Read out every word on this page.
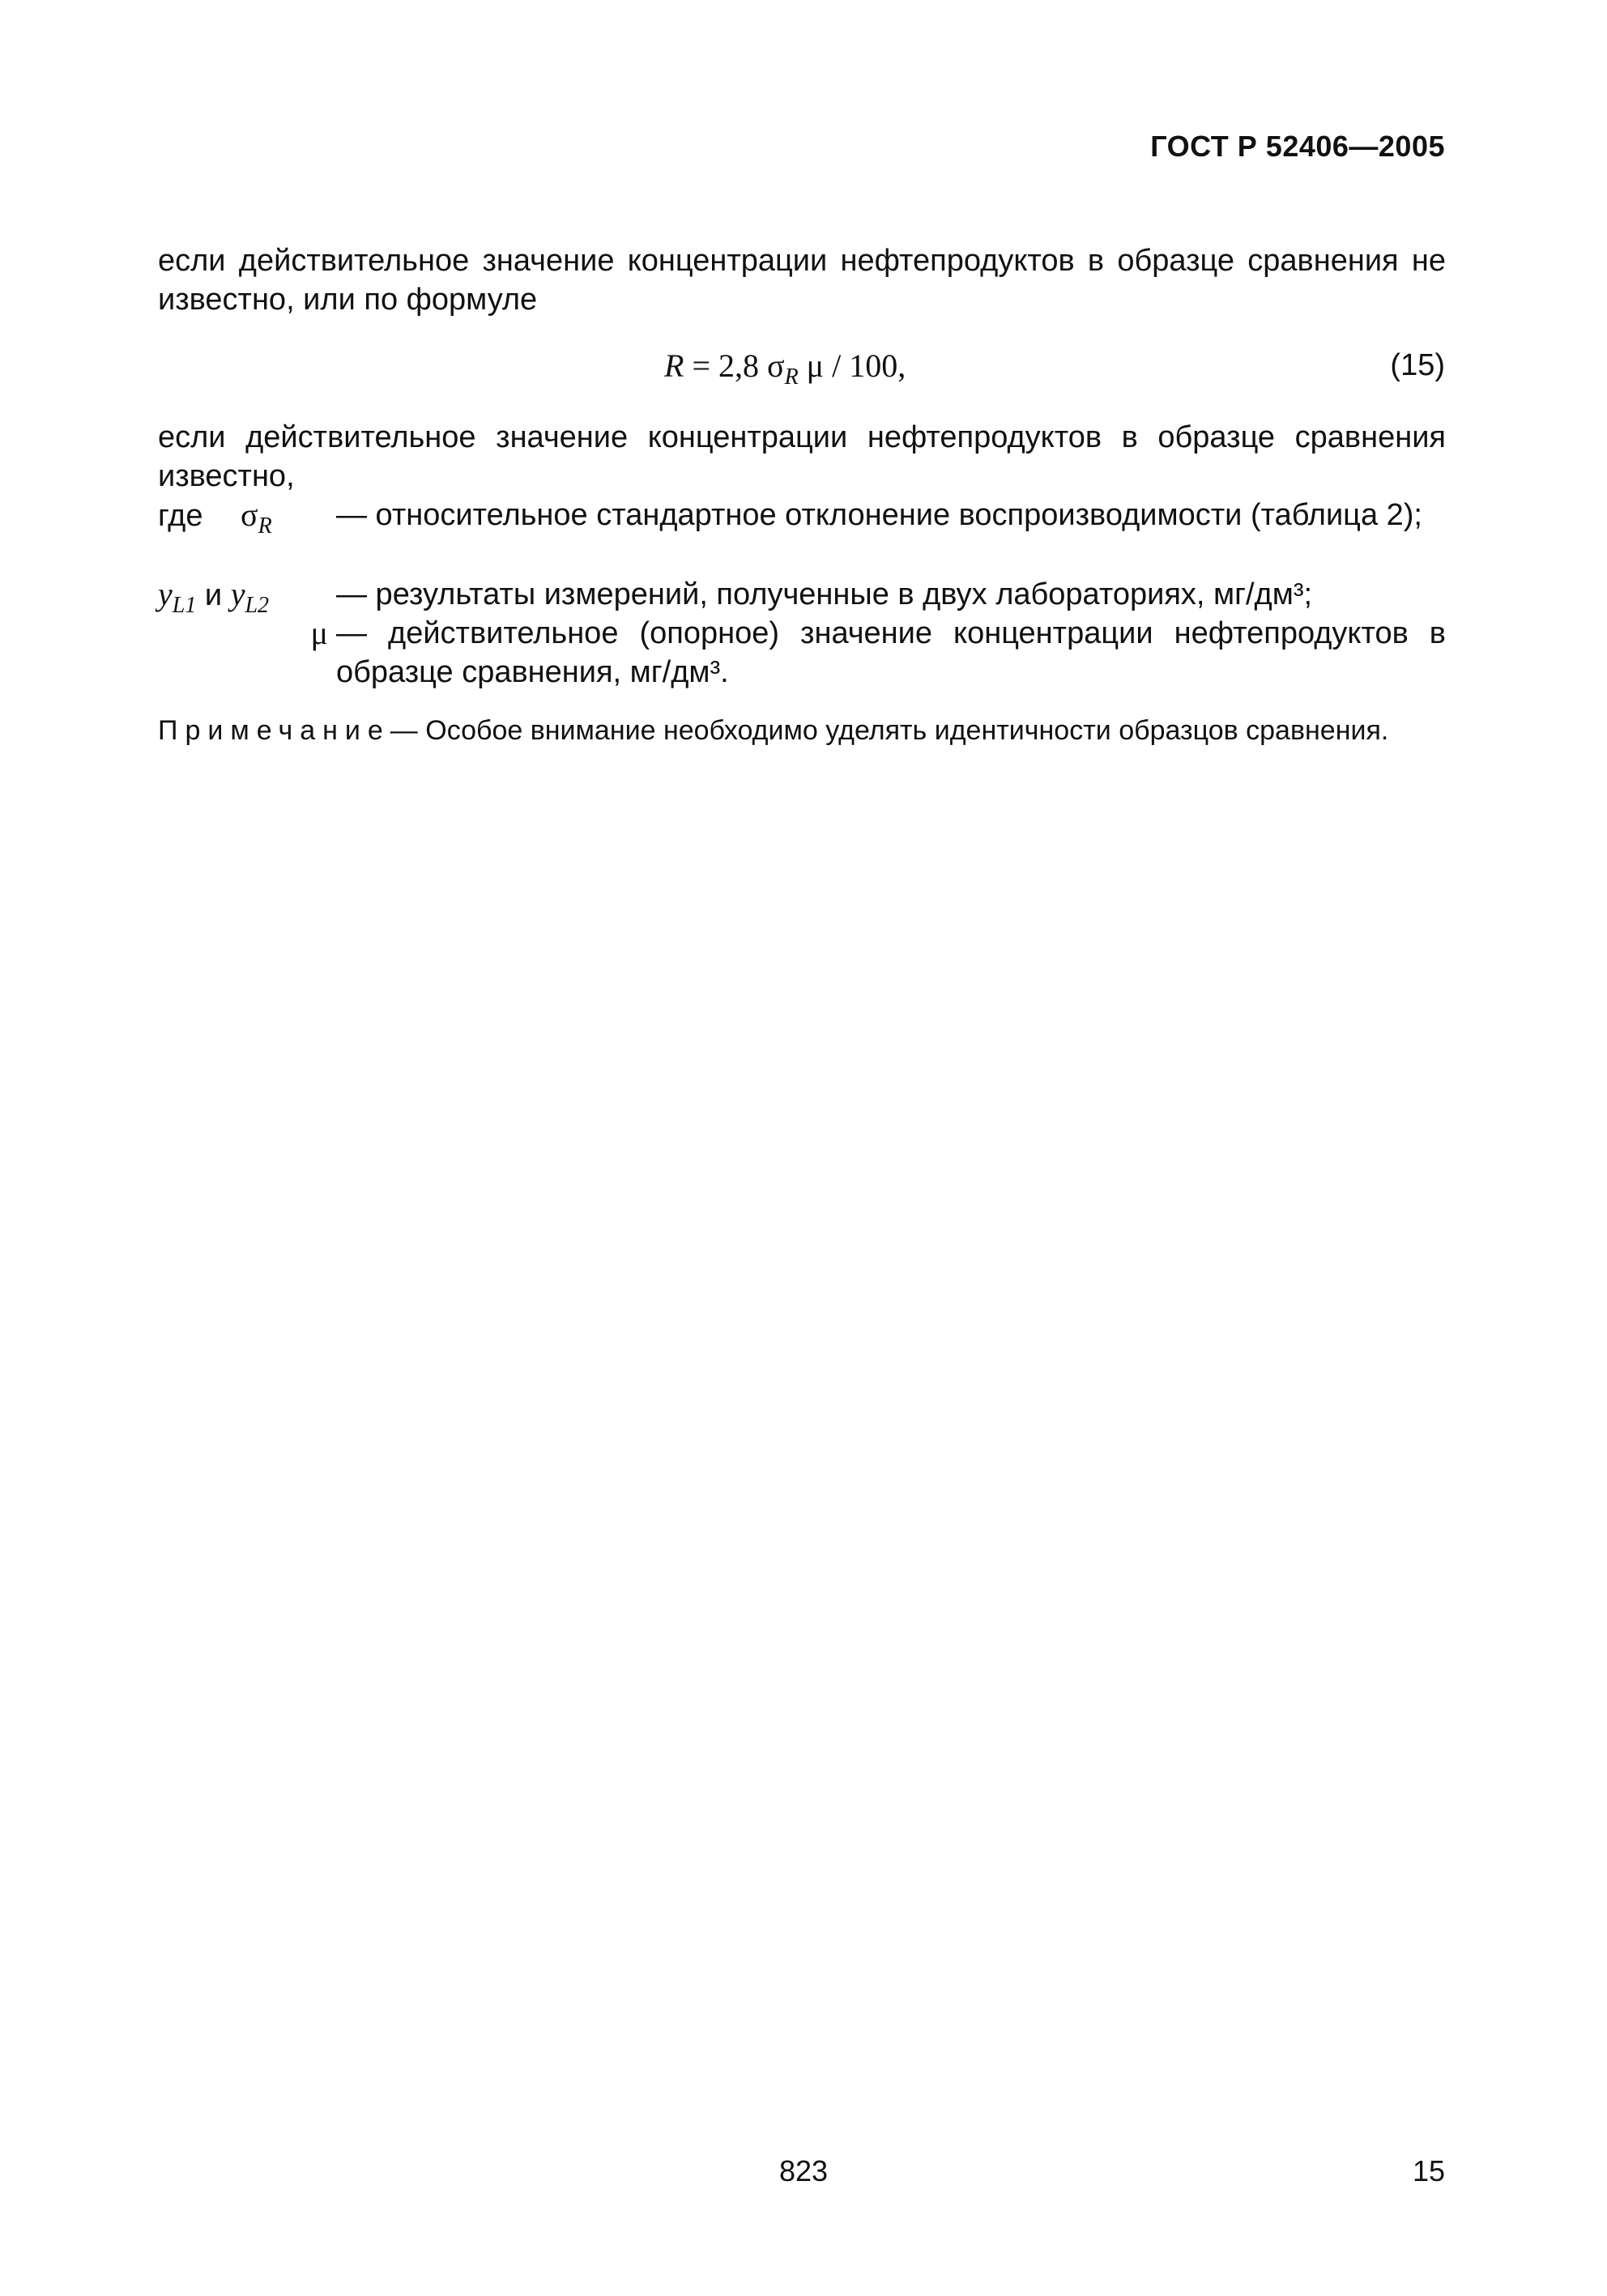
ГОСТ Р 52406—2005
если действительное значение концентрации нефтепродуктов в образце сравнения не известно, или по формуле
R = 2,8 $\sigma_R$ μ / 100,	(15)
если действительное значение концентрации нефтепродуктов в образце сравнения известно,
где $\sigma_R$	— относительное стандартное отклонение воспроизводимости (таблица 2);
$y_{L1}$ и $y_{L2}$	— результаты измерений, полученные в двух лабораториях, мг/дм³;
μ — действительное (опорное) значение концентрации нефтепродуктов в образце сравнения, мг/дм³.
Примечание— Особое внимание необходимо уделять идентичности образцов сравнения.
823	15
